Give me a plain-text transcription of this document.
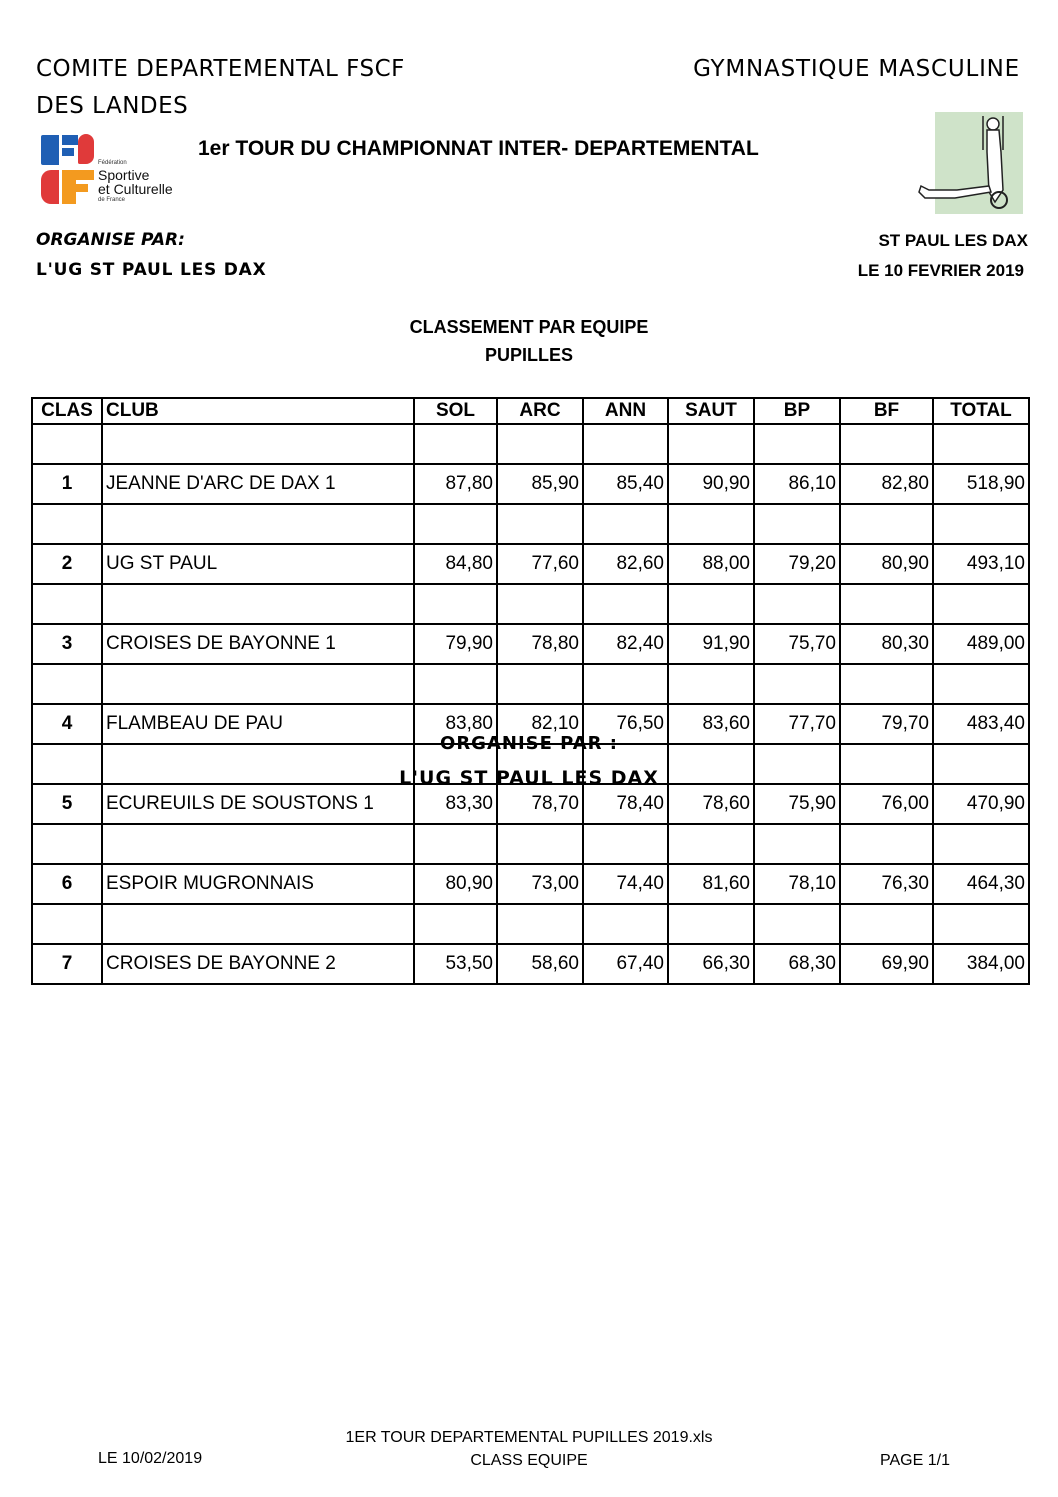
COMITE DEPARTEMENTAL FSCF
DES LANDES
GYMNASTIQUE MASCULINE
Fédération
Sportive
et Culturelle
de France
1er TOUR DU CHAMPIONNAT INTER- DEPARTEMENTAL
ORGANISE PAR:
L'UG ST PAUL LES DAX
ST PAUL LES DAX
LE 10 FEVRIER 2019
CLASSEMENT PAR EQUIPE
PUPILLES
CLAS	CLUB	SOL	ARC	ANN	SAUT	BP	BF	TOTAL

1	JEANNE D'ARC DE DAX 1	87,80	85,90	85,40	90,90	86,10	82,80	518,90

2	UG ST PAUL	84,80	77,60	82,60	88,00	79,20	80,90	493,10

3	CROISES DE BAYONNE 1	79,90	78,80	82,40	91,90	75,70	80,30	489,00

4	FLAMBEAU DE PAU	83,80	82,10	76,50	83,60	77,70	79,70	483,40

5	ECUREUILS DE SOUSTONS 1	83,30	78,70	78,40	78,60	75,90	76,00	470,90

6	ESPOIR MUGRONNAIS	80,90	73,00	74,40	81,60	78,10	76,30	464,30

7	CROISES DE BAYONNE 2	53,50	58,60	67,40	66,30	68,30	69,90	384,00
ORGANISE PAR :
L'UG ST PAUL LES DAX
1ER TOUR DEPARTEMENTAL PUPILLES 2019.xls
CLASS EQUIPE
LE 10/02/2019	PAGE 1/1
